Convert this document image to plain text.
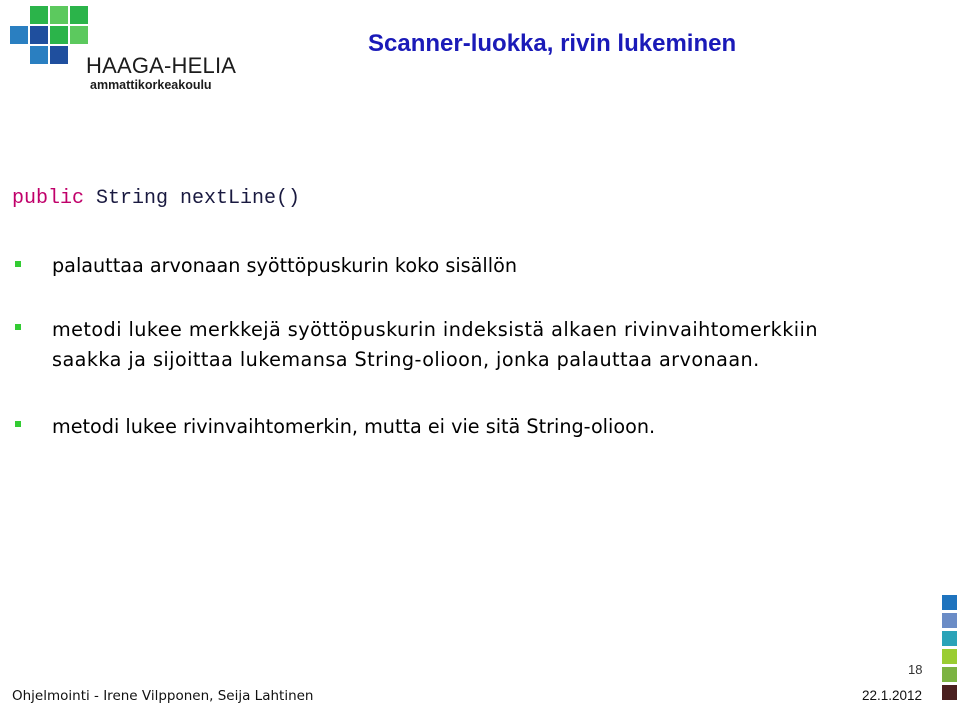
HAAGA-HELIA
ammattikorkeakoulu
Scanner-luokka, rivin lukeminen
public String nextLine()
palauttaa arvonaan syöttöpuskurin koko sisällön
metodi lukee merkkejä syöttöpuskurin indeksistä alkaen rivinvaihtomerkkiin
saakka ja sijoittaa lukemansa String-olioon, jonka palauttaa arvonaan.
metodi lukee rivinvaihtomerkin, mutta ei vie sitä String-olioon.
18
Ohjelmointi - Irene Vilpponen, Seija Lahtinen	22.1.2012
